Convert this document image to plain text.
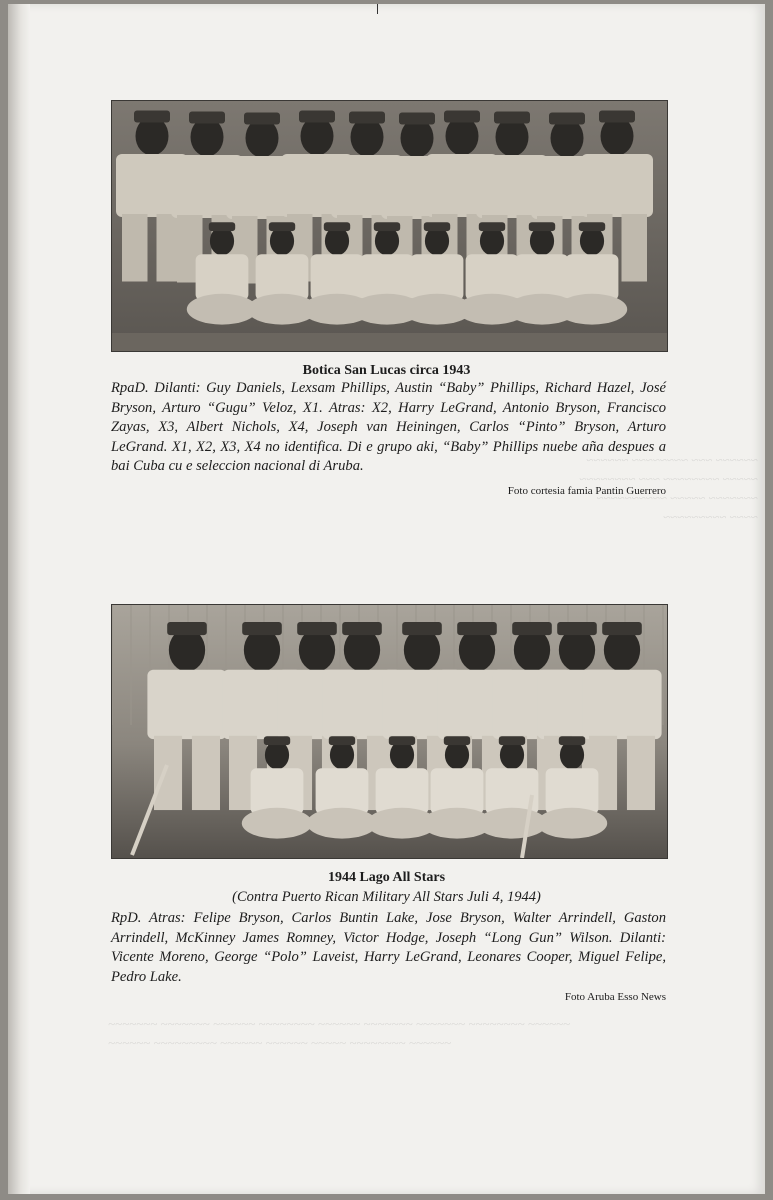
~~~~~~ ~~~ ~~~~~~~~ ~~~~~~
~~~~~ ~~~~~~~~ ~~~ ~~~~~~~~
~~~~~~~ ~~~~~ ~~~~~~~~~~
~~~~ ~~~~~~~~~
~~~~~~~ ~~~~~~~ ~~~~~~ ~~~~~~~~ ~~~~~~ ~~~~~~~ ~~~~~~~ ~~~~~~~~ ~~~~~~
~~~~~~ ~~~~~~~~~ ~~~~~~ ~~~~~~ ~~~~~ ~~~~~~~~ ~~~~~~
Botica San Lucas circa 1943
RpaD. Dilanti: Guy Daniels, Lexsam Phillips, Austin “Baby” Phillips, Richard Hazel, José Bryson, Arturo “Gugu” Veloz, X1. Atras: X2, Harry LeGrand, Antonio Bryson, Francisco Zayas, X3, Albert Nichols, X4, Joseph van Heiningen, Carlos “Pinto” Bryson, Arturo LeGrand. X1, X2, X3, X4 no identifica. Di e grupo aki, “Baby” Phillips nuebe aña despues a bai Cuba cu e seleccion nacional di Aruba.
Foto cortesia famia Pantin Guerrero
1944 Lago All Stars
(Contra Puerto Rican Military All Stars Juli 4, 1944)
RpD. Atras: Felipe Bryson, Carlos Buntin Lake, Jose Bryson, Walter Arrindell, Gaston Arrindell, McKinney James Romney, Victor Hodge, Joseph “Long Gun” Wilson. Dilanti: Vicente Moreno, George “Polo” Laveist, Harry LeGrand, Leonares Cooper, Miguel Felipe, Pedro Lake.
Foto Aruba Esso News
